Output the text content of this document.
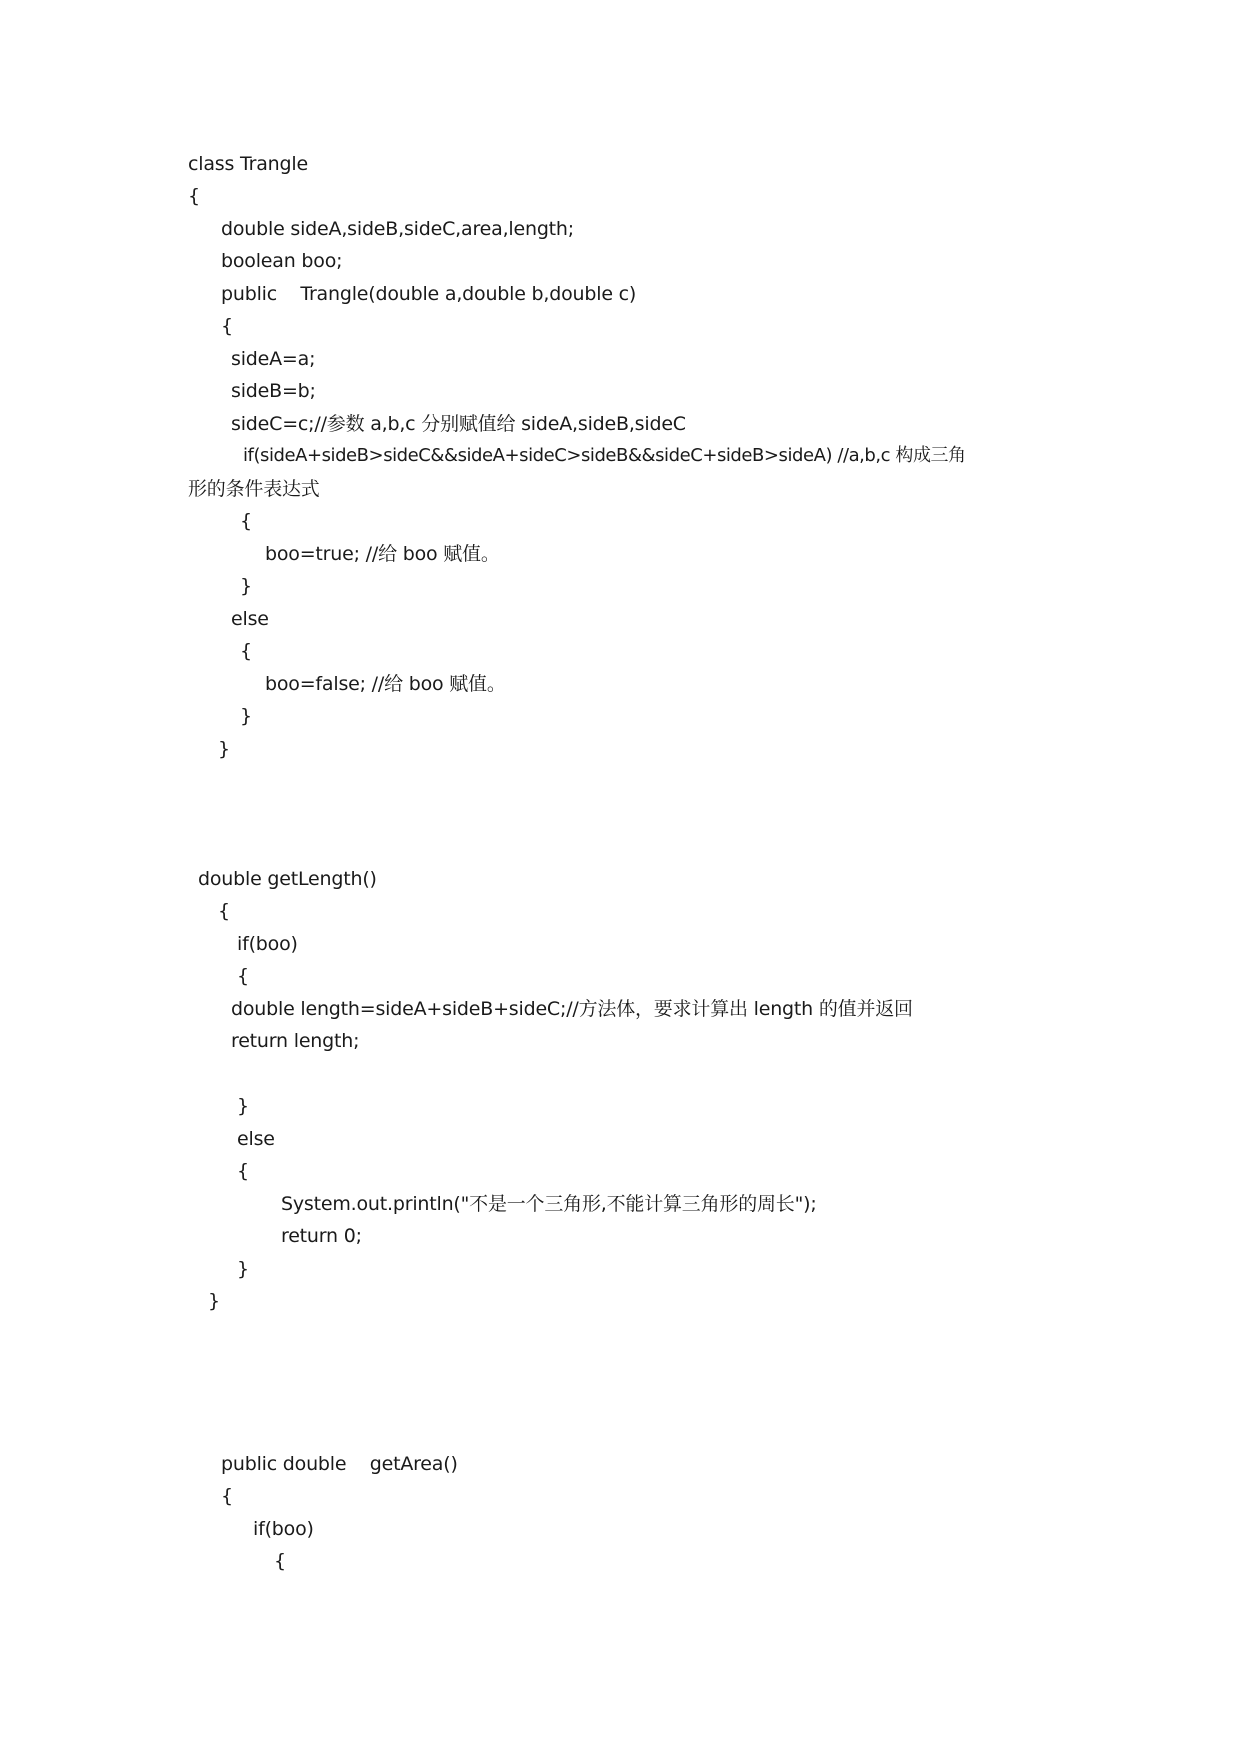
class Trangle
{
double sideA,sideB,sideC,area,length;
boolean boo;
public    Trangle(double a,double b,double c)
{
sideA=a;
sideB=b;
sideC=c;//参数 a,b,c 分别赋值给 sideA,sideB,sideC
if(sideA+sideB>sideC&&sideA+sideC>sideB&&sideC+sideB>sideA) //a,b,c 构成三角
形的条件表达式
{
boo=true; //给 boo 赋值。
}
else
{
boo=false; //给 boo 赋值。
}
}
double getLength()
{
if(boo)
{
double length=sideA+sideB+sideC;//方法体，要求计算出 length 的值并返回
return length;
}
else
{
System.out.println("不是一个三角形,不能计算三角形的周长");
return 0;
}
}
public double    getArea()
{
if(boo)
{
